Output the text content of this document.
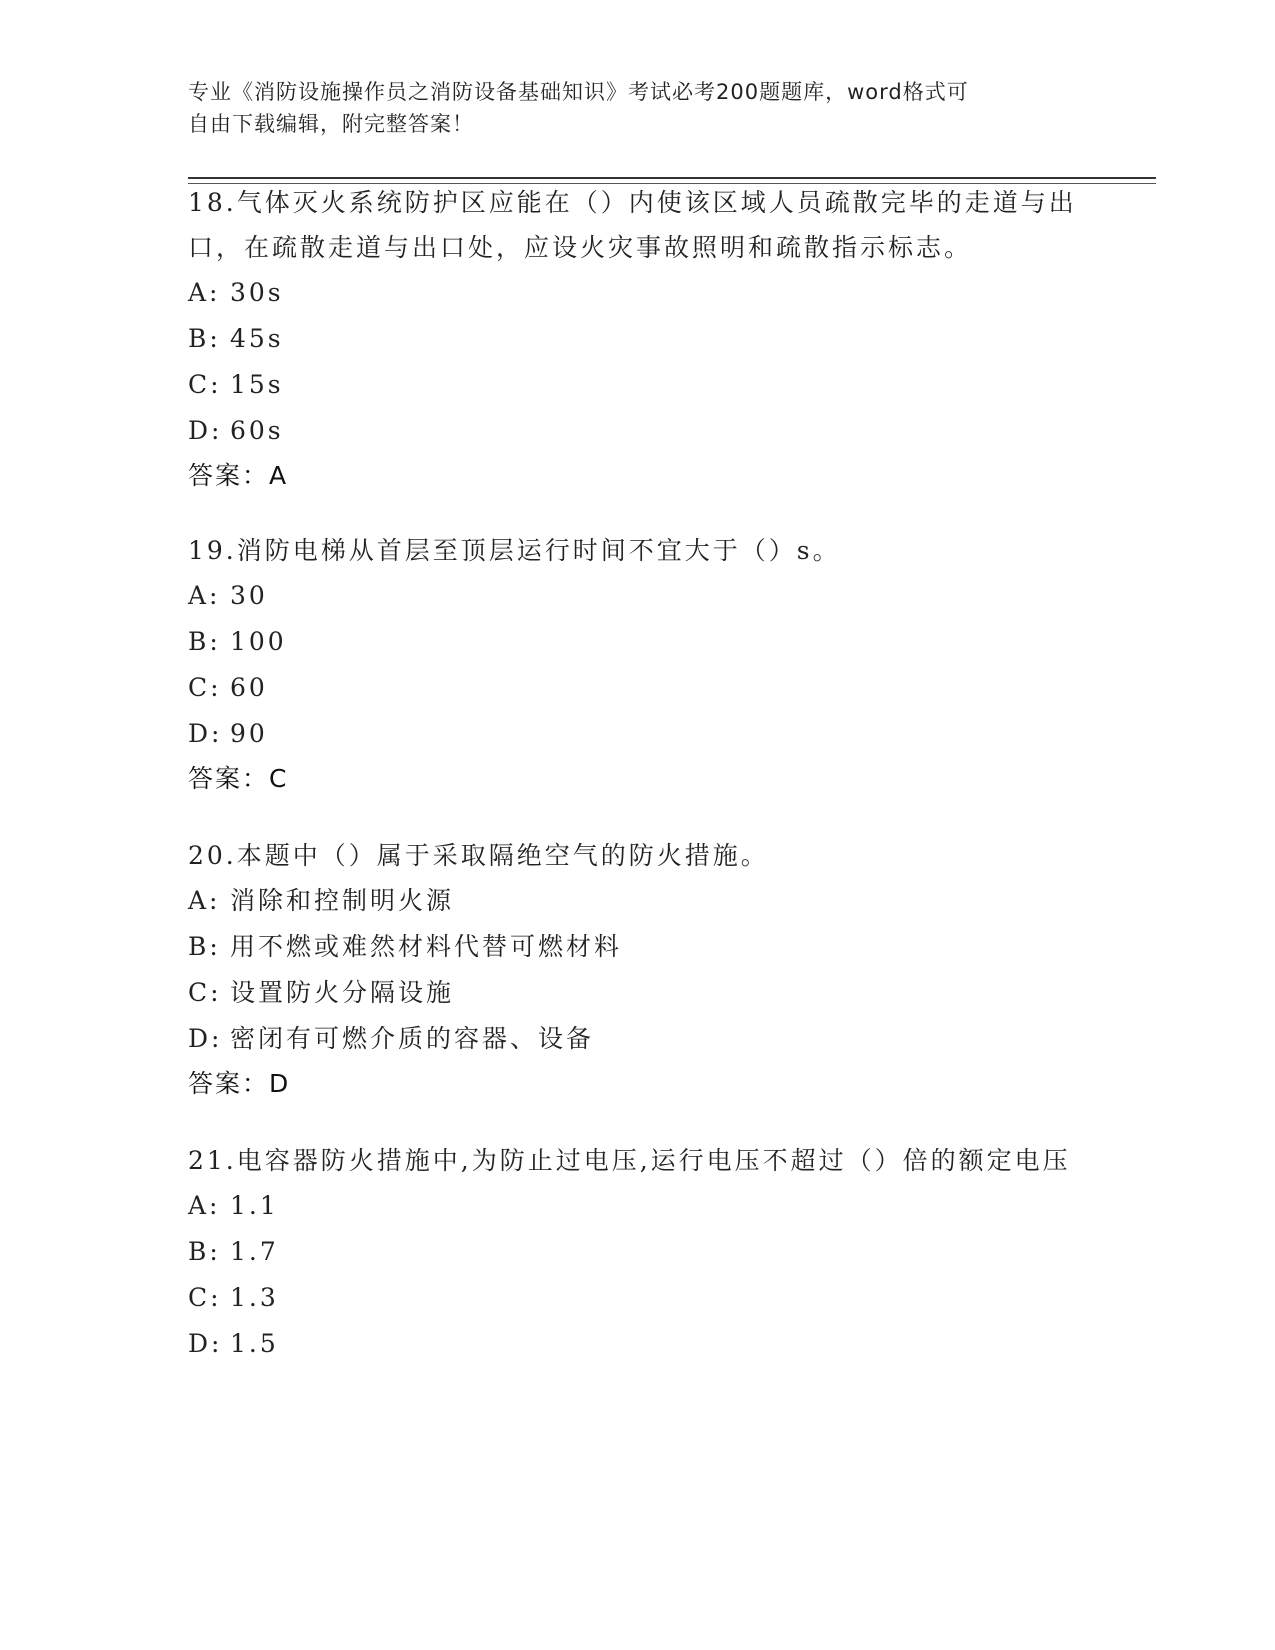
专业《消防设施操作员之消防设备基础知识》考试必考200题题库，word格式可
自由下载编辑，附完整答案！

18.气体灭火系统防护区应能在（）内使该区域人员疏散完毕的走道与出口，在疏散走道与出口处，应设火灾事故照明和疏散指示标志。

A: 30s
B: 45s
C: 15s
D: 60s
答案：A

19.消防电梯从首层至顶层运行时间不宜大于（）s。

A: 30
B: 100
C: 60
D: 90
答案：C

20.本题中（）属于采取隔绝空气的防火措施。

A: 消除和控制明火源
B: 用不燃或难然材料代替可燃材料
C: 设置防火分隔设施
D: 密闭有可燃介质的容器、设备
答案：D

21.电容器防火措施中,为防止过电压,运行电压不超过（）倍的额定电压

A: 1.1
B: 1.7
C: 1.3
D: 1.5
